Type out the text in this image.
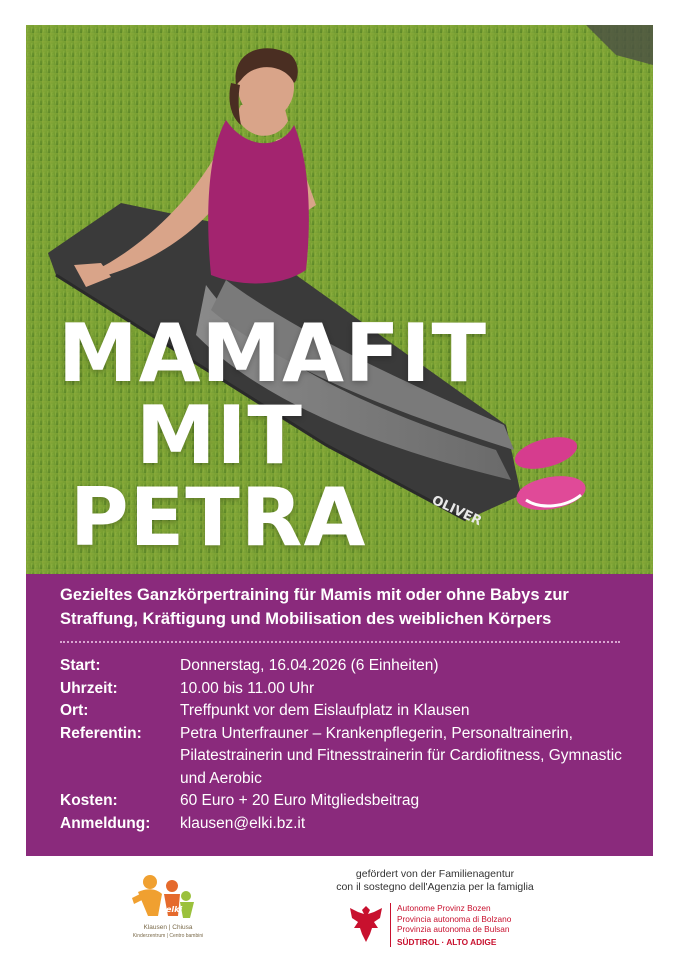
OLIVER
MAMAFIT
MIT
PETRA
Gezieltes Ganzkörpertraining für Mamis mit oder ohne Babys zur Straffung, Kräftigung und Mobilisation des weiblichen Körpers
Start:	Donnerstag, 16.04.2026 (6 Einheiten)
Uhrzeit:	10.00 bis 11.00 Uhr
Ort:	Treffpunkt vor dem Eislaufplatz in Klausen
Referentin:	Petra Unterfrauner – Krankenpflegerin, Personaltrainerin, Pilatestrainerin und Fitnesstrainerin für Cardiofitness, Gymnastic und Aerobic
Kosten:	60 Euro + 20 Euro Mitgliedsbeitrag
Anmeldung:	klausen@elki.bz.it
elki
Klausen | Chiusa
Kinderzentrum | Centro bambini
gefördert von der Familienagentur
con il sostegno dell'Agenzia per la famiglia
Autonome Provinz Bozen
Provincia autonoma di Bolzano
Provinzia autonoma de Bulsan
SÜDTIROL · ALTO ADIGE
